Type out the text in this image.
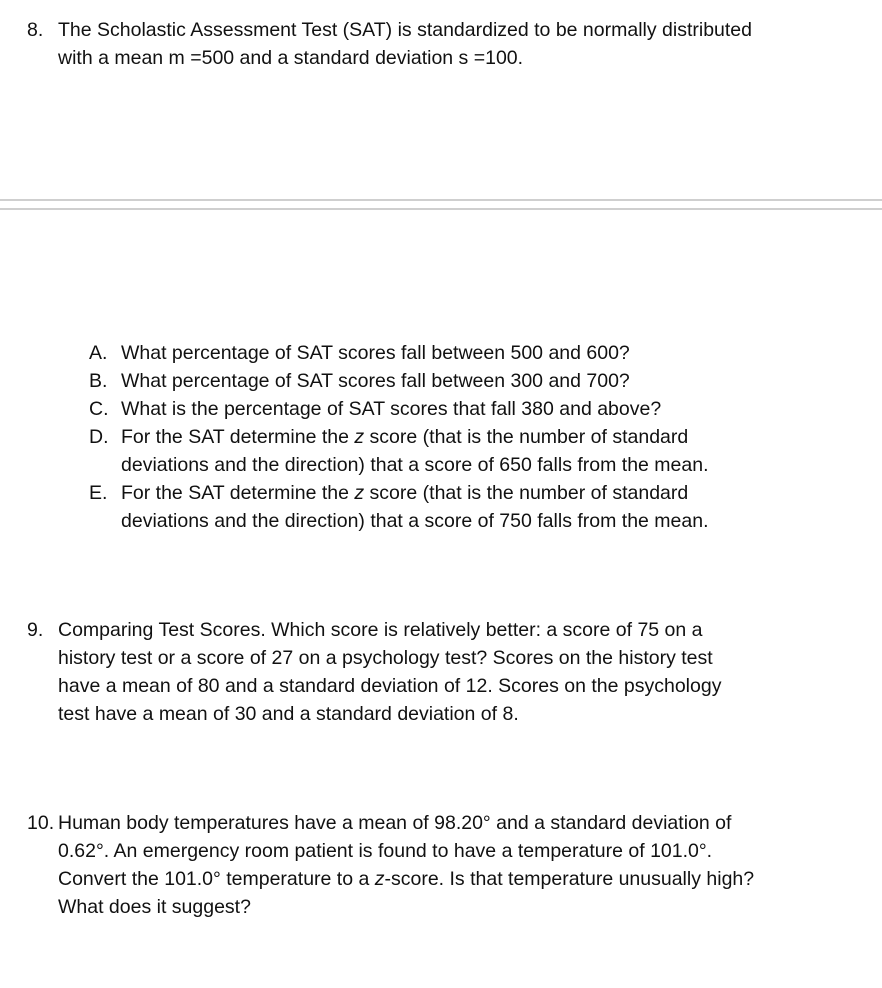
8. The Scholastic Assessment Test (SAT) is standardized to be normally distributed
with a mean m =500 and a standard deviation s =100.
A. What percentage of SAT scores fall between 500 and 600?
B. What percentage of SAT scores fall between 300 and 700?
C. What is the percentage of SAT scores that fall 380 and above?
D. For the SAT determine the z score (that is the number of standard
deviations and the direction) that a score of 650 falls from the mean.
E. For the SAT determine the z score (that is the number of standard
deviations and the direction) that a score of 750 falls from the mean.
9. Comparing Test Scores. Which score is relatively better: a score of 75 on a
history test or a score of 27 on a psychology test? Scores on the history test
have a mean of 80 and a standard deviation of 12. Scores on the psychology
test have a mean of 30 and a standard deviation of 8.
10. Human body temperatures have a mean of 98.20° and a standard deviation of
0.62°. An emergency room patient is found to have a temperature of 101.0°.
Convert the 101.0° temperature to a z-score. Is that temperature unusually high?
What does it suggest?
